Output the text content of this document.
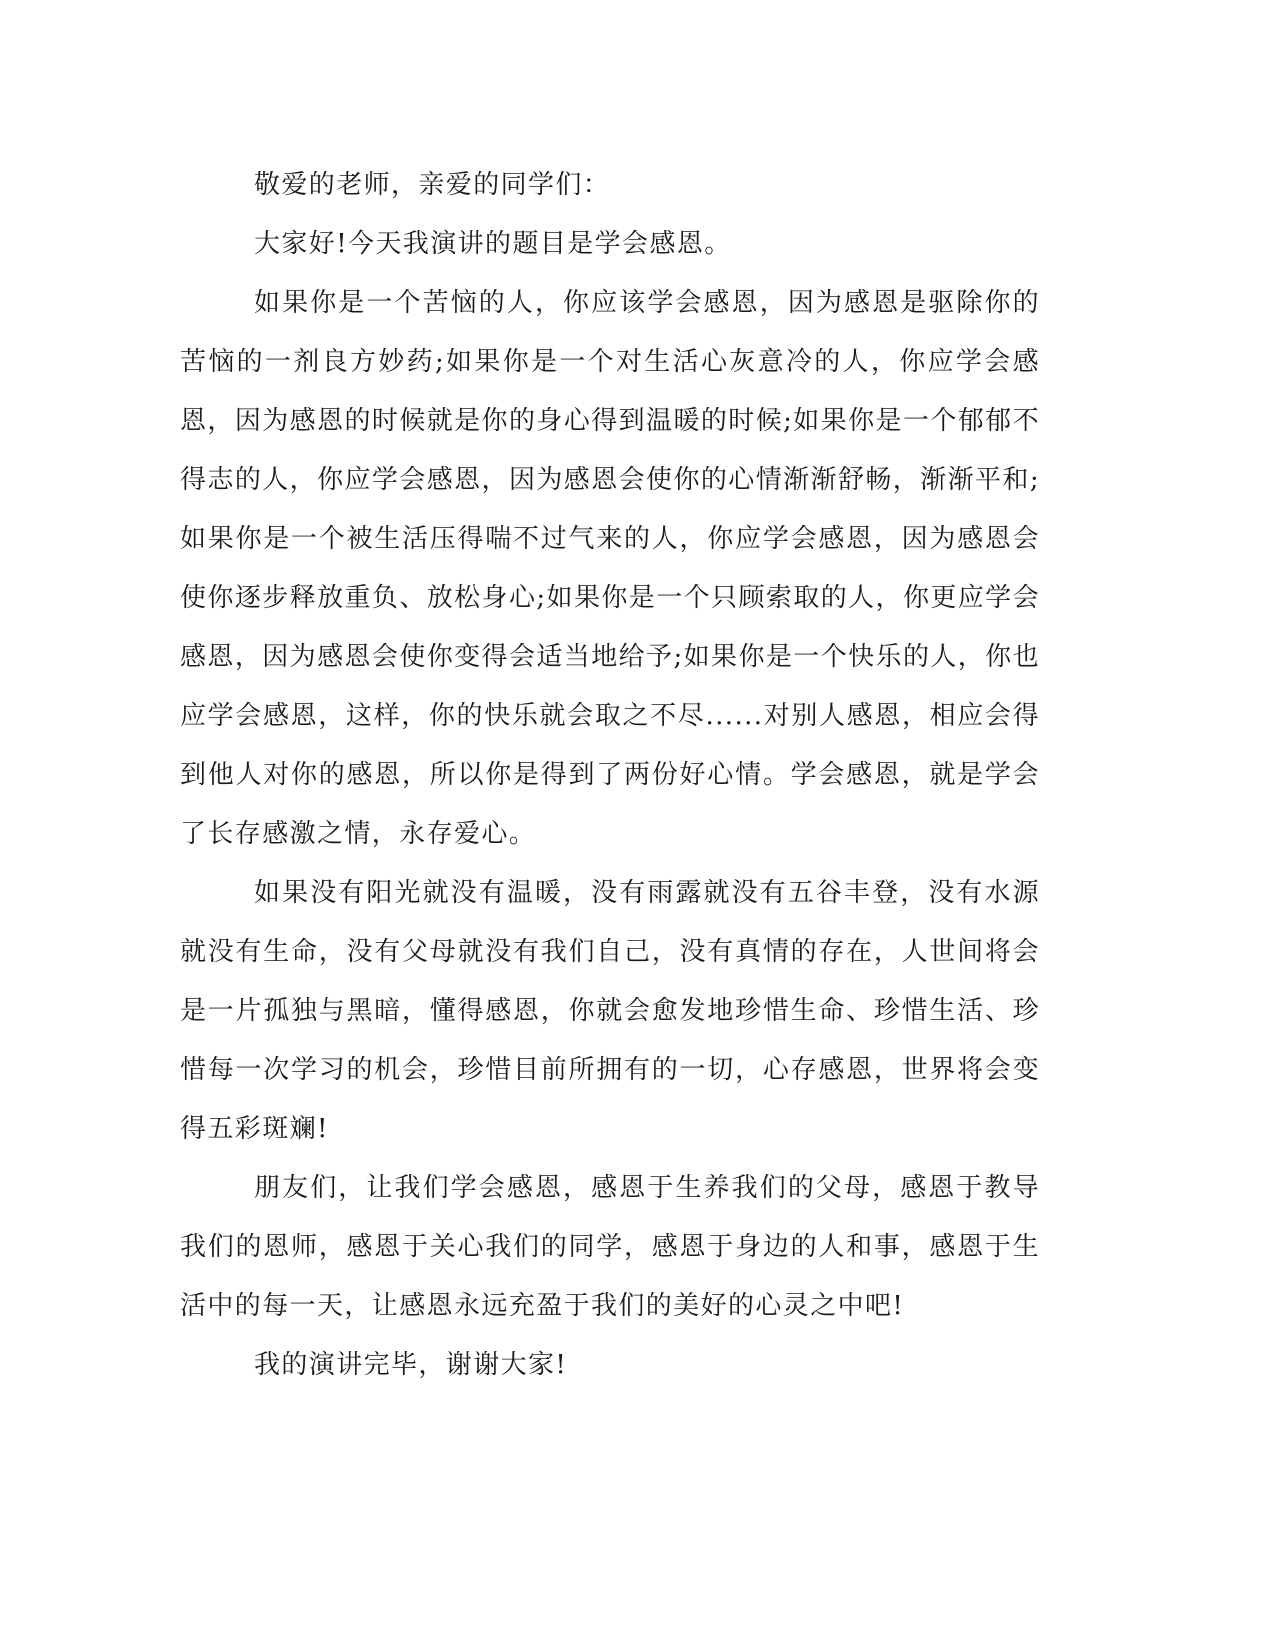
敬爱的老师，亲爱的同学们：

大家好!今天我演讲的题目是学会感恩。

如果你是一个苦恼的人，你应该学会感恩，因为感恩是驱除你的苦恼的一剂良方妙药;如果你是一个对生活心灰意冷的人，你应学会感恩，因为感恩的时候就是你的身心得到温暖的时候;如果你是一个郁郁不得志的人，你应学会感恩，因为感恩会使你的心情渐渐舒畅，渐渐平和;如果你是一个被生活压得喘不过气来的人，你应学会感恩，因为感恩会使你逐步释放重负、放松身心;如果你是一个只顾索取的人，你更应学会感恩，因为感恩会使你变得会适当地给予;如果你是一个快乐的人，你也应学会感恩，这样，你的快乐就会取之不尽......对别人感恩，相应会得到他人对你的感恩，所以你是得到了两份好心情。学会感恩，就是学会了长存感激之情，永存爱心。

如果没有阳光就没有温暖，没有雨露就没有五谷丰登，没有水源就没有生命，没有父母就没有我们自己，没有真情的存在，人世间将会是一片孤独与黑暗，懂得感恩，你就会愈发地珍惜生命、珍惜生活、珍惜每一次学习的机会，珍惜目前所拥有的一切，心存感恩，世界将会变得五彩斑斓!

朋友们，让我们学会感恩，感恩于生养我们的父母，感恩于教导我们的恩师，感恩于关心我们的同学，感恩于身边的人和事，感恩于生活中的每一天，让感恩永远充盈于我们的美好的心灵之中吧!

我的演讲完毕，谢谢大家!
